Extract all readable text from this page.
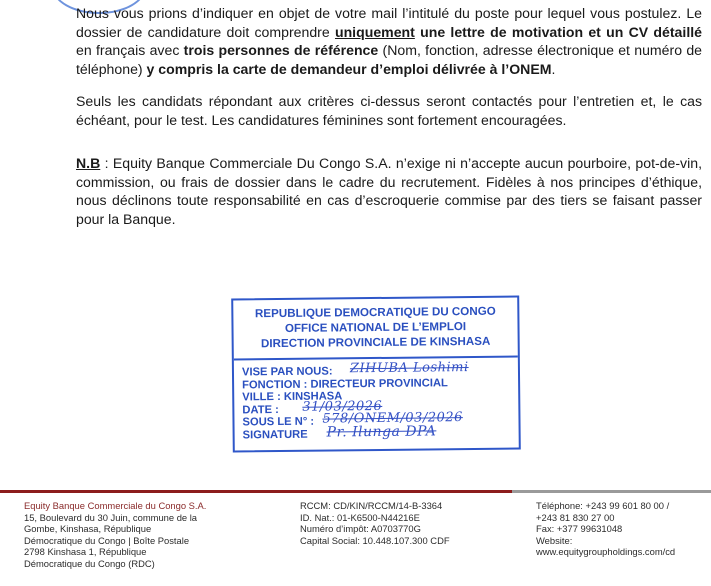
Nous vous prions d’indiquer en objet de votre mail l’intitulé du poste pour lequel vous postulez. Le dossier de candidature doit comprendre uniquement une lettre de motivation et un CV détaillé en français avec trois personnes de référence (Nom, fonction, adresse électronique et numéro de téléphone) y compris la carte de demandeur d’emploi délivrée à l’ONEM.

Seuls les candidats répondant aux critères ci-dessus seront contactés pour l’entretien et, le cas échéant, pour le test. Les candidatures féminines sont fortement encouragées.

N.B : Equity Banque Commerciale Du Congo S.A. n’exige ni n’accepte aucun pourboire, pot-de-vin, commission, ou frais de dossier dans le cadre du recrutement. Fidèles à nos principes d’éthique, nous déclinons toute responsabilité en cas d’escroquerie commise par des tiers se faisant passer pour la Banque.

REPUBLIQUE DEMOCRATIQUE DU CONGO
OFFICE NATIONAL DE L’EMPLOI
DIRECTION PROVINCIALE DE KINSHASA
VISE PAR NOUS: ZIHUBA Loshimi
FONCTION : DIRECTEUR PROVINCIAL
VILLE : KINSHASA
DATE : 31/03/2026
SOUS LE N° : 578/ONEM/03/2026
SIGNATURE Pr. Ilunga DPA
Equity Banque Commerciale du Congo S.A.
15, Boulevard du 30 Juin, commune de la
Gombe, Kinshasa, République
Démocratique du Congo | Boîte Postale
2798 Kinshasa 1, République
Démocratique du Congo (RDC)
RCCM: CD/KIN/RCCM/14-B-3364
ID. Nat.: 01-K6500-N44216E
Numéro d’impôt: A0703770G
Capital Social: 10.448.107.300 CDF
Téléphone: +243 99 601 80 00 /
+243 81 830 27 00
Fax: +377 99631048
Website:
www.equitygroupholdings.com/cd
